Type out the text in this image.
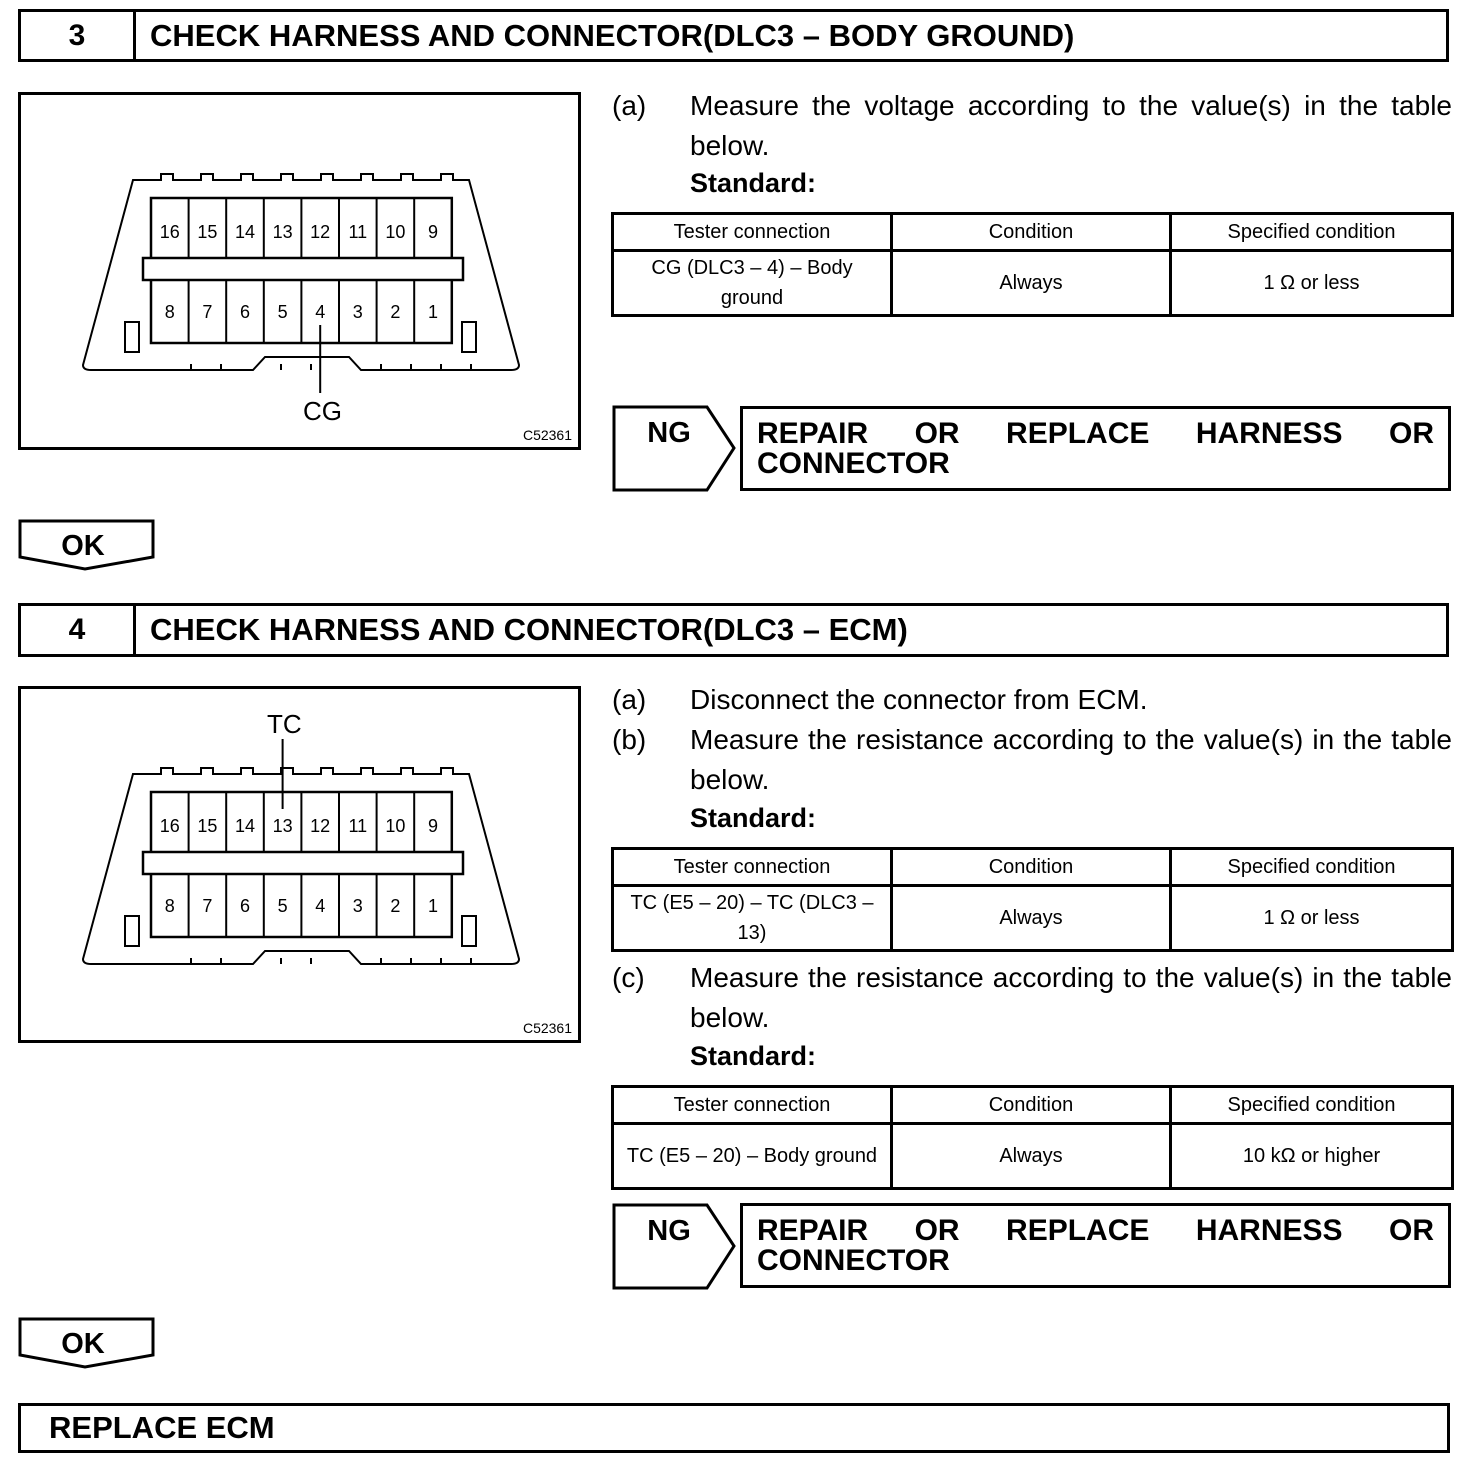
3	CHECK HARNESS AND CONNECTOR(DLC3 – BODY GROUND)
16 15 14 13 12 11 10 9
8 7 6 5 4 3 2 1
CG
C52361
(a) Measure the voltage according to the value(s) in the table below.
Standard:
Tester connection	Condition	Specified condition
CG (DLC3 – 4) – Body ground	Always	1 Ω or less
NG REPAIR OR REPLACE HARNESS OR
CONNECTOR
OK
4	CHECK HARNESS AND CONNECTOR(DLC3 – ECM)
16 15 14 13 12 11 10 9
8 7 6 5 4 3 2 1
TC
C52361
(a) Disconnect the connector from ECM.
(b) Measure the resistance according to the value(s) in the table below.
Standard:
Tester connection	Condition	Specified condition
TC (E5 – 20) – TC (DLC3 – 13)	Always	1 Ω or less
(c) Measure the resistance according to the value(s) in the table below.
Standard:
Tester connection	Condition	Specified condition
TC (E5 – 20) – Body ground	Always	10 kΩ or higher
NG REPAIR OR REPLACE HARNESS OR
CONNECTOR
OK
REPLACE ECM
